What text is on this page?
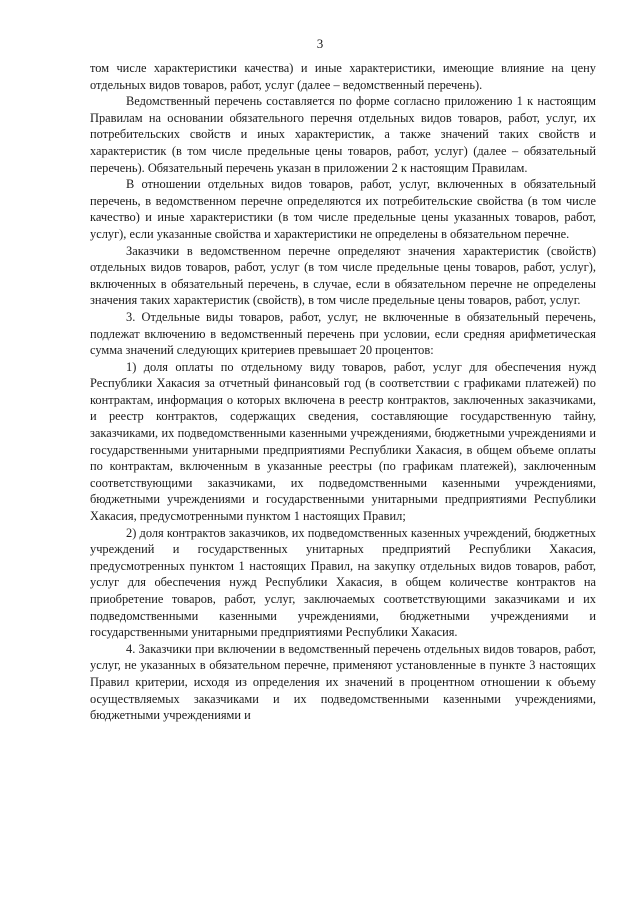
3

том числе характеристики качества) и иные характеристики, имеющие влияние на цену отдельных видов товаров, работ, услуг (далее – ведомственный перечень).

Ведомственный перечень составляется по форме согласно приложению 1 к настоящим Правилам на основании обязательного перечня отдельных видов товаров, работ, услуг, их потребительских свойств и иных характеристик, а также значений таких свойств и характеристик (в том числе предельные цены товаров, работ, услуг) (далее – обязательный перечень). Обязательный перечень указан в приложении 2 к настоящим Правилам.

В отношении отдельных видов товаров, работ, услуг, включенных в обязательный перечень, в ведомственном перечне определяются их потребительские свойства (в том числе качество) и иные характеристики (в том числе предельные цены указанных товаров, работ, услуг), если указанные свойства и характеристики не определены в обязательном перечне.

Заказчики в ведомственном перечне определяют значения характеристик (свойств) отдельных видов товаров, работ, услуг (в том числе предельные цены товаров, работ, услуг), включенных в обязательный перечень, в случае, если в обязательном перечне не определены значения таких характеристик (свойств), в том числе предельные цены товаров, работ, услуг.

3. Отдельные виды товаров, работ, услуг, не включенные в обязательный перечень, подлежат включению в ведомственный перечень при условии, если средняя арифметическая сумма значений следующих критериев превышает 20 процентов:

1) доля оплаты по отдельному виду товаров, работ, услуг для обеспечения нужд Республики Хакасия за отчетный финансовый год (в соответствии с графиками платежей) по контрактам, информация о которых включена в реестр контрактов, заключенных заказчиками, и реестр контрактов, содержащих сведения, составляющие государственную тайну, заказчиками, их подведомственными казенными учреждениями, бюджетными учреждениями и государственными унитарными предприятиями Республики Хакасия, в общем объеме оплаты по контрактам, включенным в указанные реестры (по графикам платежей), заключенным соответствующими заказчиками, их подведомственными казенными учреждениями, бюджетными учреждениями и государственными унитарными предприятиями Республики Хакасия, предусмотренными пунктом 1 настоящих Правил;

2) доля контрактов заказчиков, их подведомственных казенных учреждений, бюджетных учреждений и государственных унитарных предприятий Республики Хакасия, предусмотренных пунктом 1 настоящих Правил, на закупку отдельных видов товаров, работ, услуг для обеспечения нужд Республики Хакасия, в общем количестве контрактов на приобретение товаров, работ, услуг, заключаемых соответствующими заказчиками и их подведомственными казенными учреждениями, бюджетными учреждениями и государственными унитарными предприятиями Республики Хакасия.

4. Заказчики при включении в ведомственный перечень отдельных видов товаров, работ, услуг, не указанных в обязательном перечне, применяют установленные в пункте 3 настоящих Правил критерии, исходя из определения их значений в процентном отношении к объему осуществляемых заказчиками и их подведомственными казенными учреждениями, бюджетными учреждениями и
